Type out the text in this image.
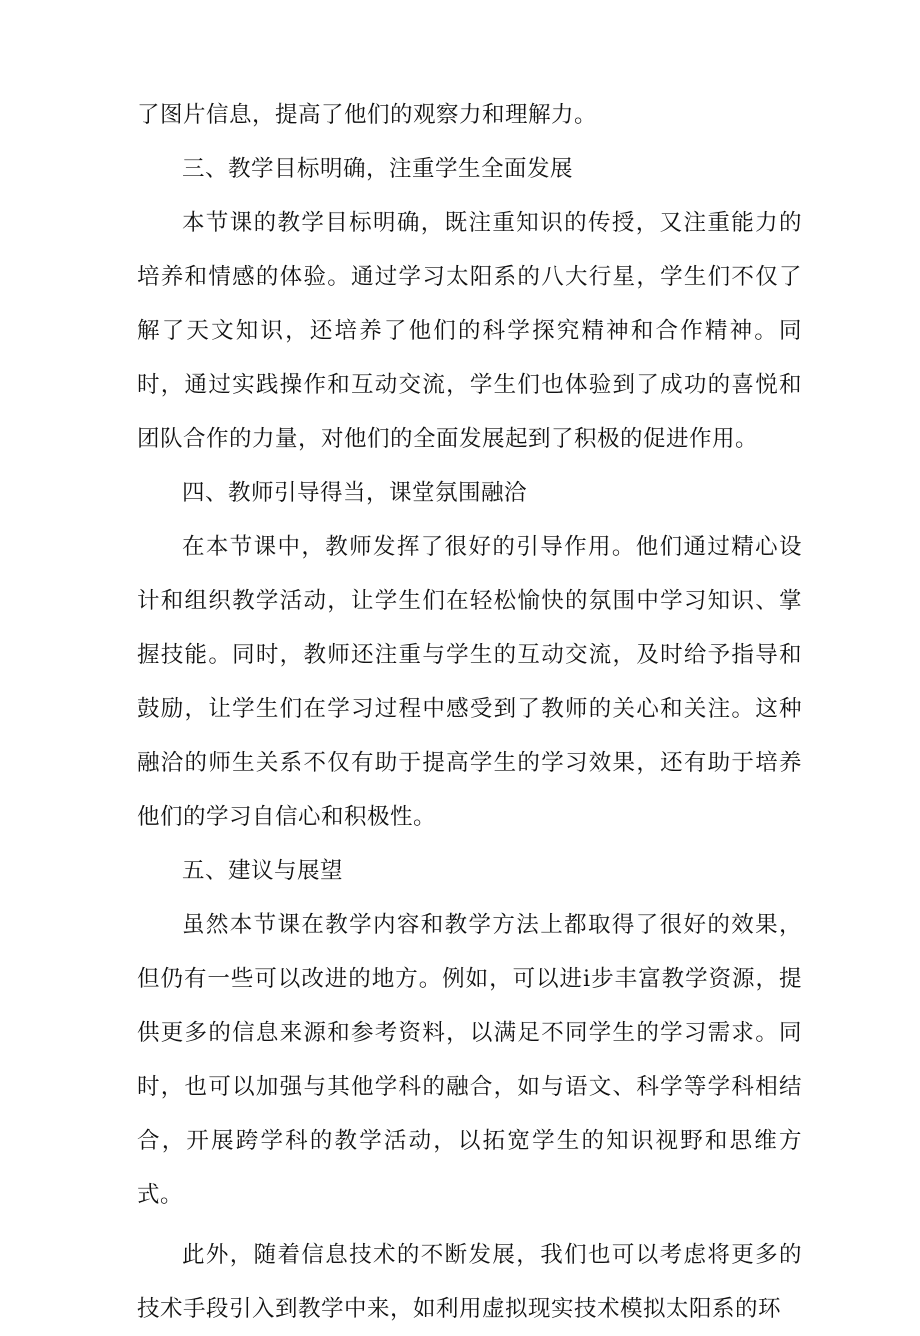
了图片信息，提高了他们的观察力和理解力。

三、教学目标明确，注重学生全面发展

本节课的教学目标明确，既注重知识的传授，又注重能力的培养和情感的体验。通过学习太阳系的八大行星，学生们不仅了解了天文知识，还培养了他们的科学探究精神和合作精神。同时，通过实践操作和互动交流，学生们也体验到了成功的喜悦和团队合作的力量，对他们的全面发展起到了积极的促进作用。

四、教师引导得当，课堂氛围融洽

在本节课中，教师发挥了很好的引导作用。他们通过精心设计和组织教学活动，让学生们在轻松愉快的氛围中学习知识、掌握技能。同时，教师还注重与学生的互动交流，及时给予指导和鼓励，让学生们在学习过程中感受到了教师的关心和关注。这种融洽的师生关系不仅有助于提高学生的学习效果，还有助于培养他们的学习自信心和积极性。

五、建议与展望

虽然本节课在教学内容和教学方法上都取得了很好的效果，但仍有一些可以改进的地方。例如，可以进i步丰富教学资源，提供更多的信息来源和参考资料，以满足不同学生的学习需求。同时，也可以加强与其他学科的融合，如与语文、科学等学科相结合，开展跨学科的教学活动，以拓宽学生的知识视野和思维方式。

此外，随着信息技术的不断发展，我们也可以考虑将更多的技术手段引入到教学中来，如利用虚拟现实技术模拟太阳系的环
